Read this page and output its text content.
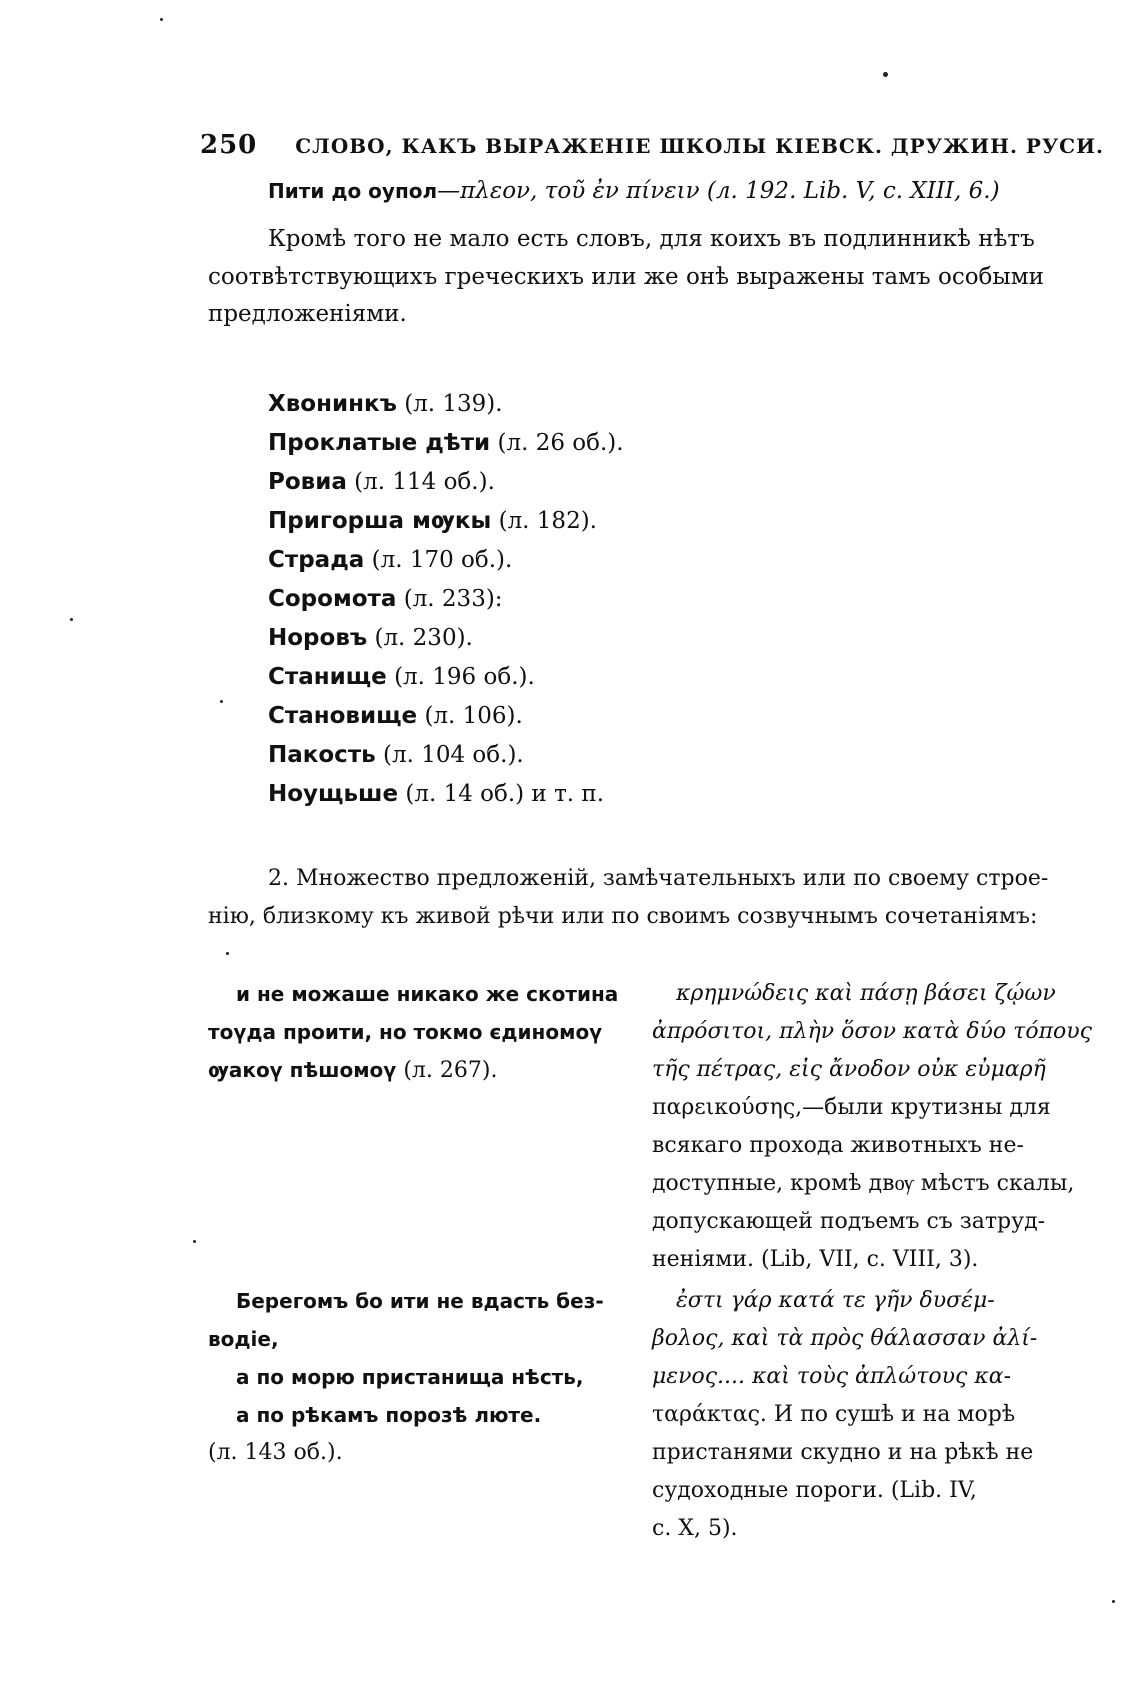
250 СЛОВО, КАКЪ ВЫРАЖЕНІЕ ШКОЛЫ КІЕВСК. ДРУЖИН. РУСИ.
Пити до оупол—πλεον, τοῦ ἐν πίνειν (л. 192. Lib. V, с. XIII, 6.)
Кромѣ того не мало есть словъ, для коихъ въ подлинникѣ нѣтъ
соотвѣтствующихъ греческихъ или же онѣ выражены тамъ особыми
предложеніями.
Хвонинкъ (л. 139).
Проклатые дѣти (л. 26 об.).
Ровиа (л. 114 об.).
Пригоршa мѹкы (л. 182).
Страда (л. 170 об.).
Соромота (л. 233):
Норовъ (л. 230).
Станище (л. 196 об.).
Становище (л. 106).
Пакость (л. 104 об.).
Ноущьше (л. 14 об.) и т. п.
2. Множество предложеній, замѣчательныхъ или по своему строе-
нію, близкому къ живой рѣчи или по своимъ созвучнымъ сочетаніямъ:
и не можаше никако же скотина
тоүда проити, но токмо єдиномоү
ѹакоү пѣшомоү (л. 267).
κρημνώδεις καὶ πάσῃ βάσει ζῴων
ἀπρόσιτοι, πλὴν ὅσον κατὰ δύο τόπους
τῆς πέτρας, εἰς ἄνοδον οὐκ εὐμαρῆ
παρεικούσης,—были крутизны для
всякаго прохода животныхъ не-
доступные, кромѣ двѹ мѣстъ скалы,
допускающей подъемъ съ затруд-
неніями. (Lib, VII, с. VIII, 3).
Берегомъ бо ити не вдасть без-
водіе,
а по морю пристанища нѣсть,
а по рѣкамъ порозѣ люте.
(л. 143 об.).
ἐστι γάρ κατά τε γῆν δυσέμ-
βολος, καὶ τὰ πρὸς θάλασσαν ἀλί-
μενος.... καὶ τοὺς ἀπλώτους κα-
ταράκτας. И по сушѣ и на морѣ
пристанями скудно и на рѣкѣ не
судоходные пороги. (Lib. IV,
с. X, 5).
